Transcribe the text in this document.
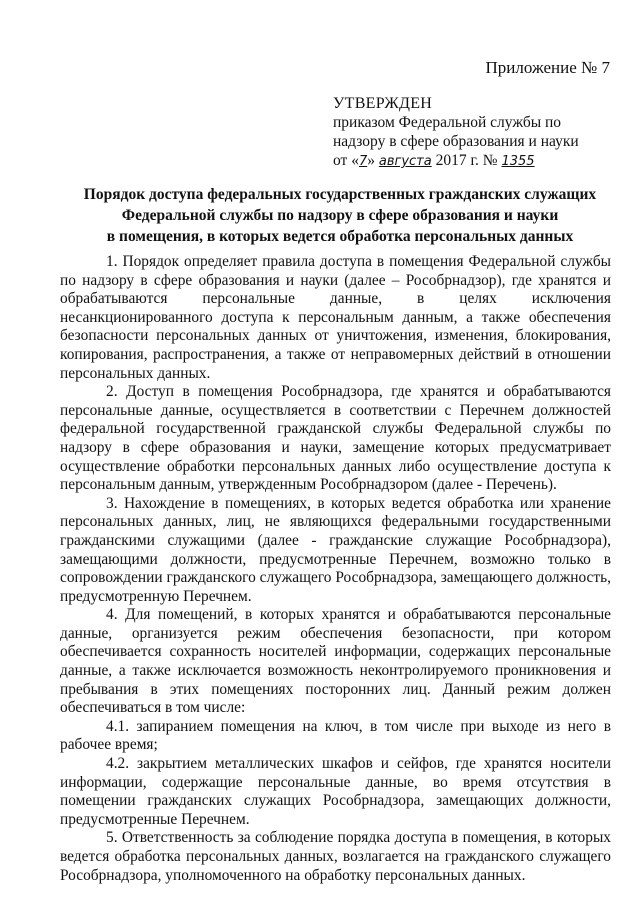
Приложение № 7
УТВЕРЖДЕН
приказом Федеральной службы по
надзору в сфере образования и науки
от «7» августа 2017 г. № 1355
Порядок доступа федеральных государственных гражданских служащих
Федеральной службы по надзору в сфере образования и науки
в помещения, в которых ведется обработка персональных данных

1. Порядок определяет правила доступа в помещения Федеральной службы по надзору в сфере образования и науки (далее – Рособрнадзор), где хранятся и обрабатываются персональные данные, в целях исключения несанкционированного доступа к персональным данным, а также обеспечения безопасности персональных данных от уничтожения, изменения, блокирования, копирования, распространения, а также от неправомерных действий в отношении персональных данных.

2. Доступ в помещения Рособрнадзора, где хранятся и обрабатываются персональные данные, осуществляется в соответствии с Перечнем должностей федеральной государственной гражданской службы Федеральной службы по надзору в сфере образования и науки, замещение которых предусматривает осуществление обработки персональных данных либо осуществление доступа к персональным данным, утвержденным Рособрнадзором (далее - Перечень).

3. Нахождение в помещениях, в которых ведется обработка или хранение персональных данных, лиц, не являющихся федеральными государственными гражданскими служащими (далее - гражданские служащие Рособрнадзора), замещающими должности, предусмотренные Перечнем, возможно только в сопровождении гражданского служащего Рособрнадзора, замещающего должность, предусмотренную Перечнем.

4. Для помещений, в которых хранятся и обрабатываются персональные данные, организуется режим обеспечения безопасности, при котором обеспечивается сохранность носителей информации, содержащих персональные данные, а также исключается возможность неконтролируемого проникновения и пребывания в этих помещениях посторонних лиц. Данный режим должен обеспечиваться в том числе:

4.1. запиранием помещения на ключ, в том числе при выходе из него в рабочее время;

4.2. закрытием металлических шкафов и сейфов, где хранятся носители информации, содержащие персональные данные, во время отсутствия в помещении гражданских служащих Рособрнадзора, замещающих должности, предусмотренные Перечнем.

5. Ответственность за соблюдение порядка доступа в помещения, в которых ведется обработка персональных данных, возлагается на гражданского служащего Рособрнадзора, уполномоченного на обработку персональных данных.
